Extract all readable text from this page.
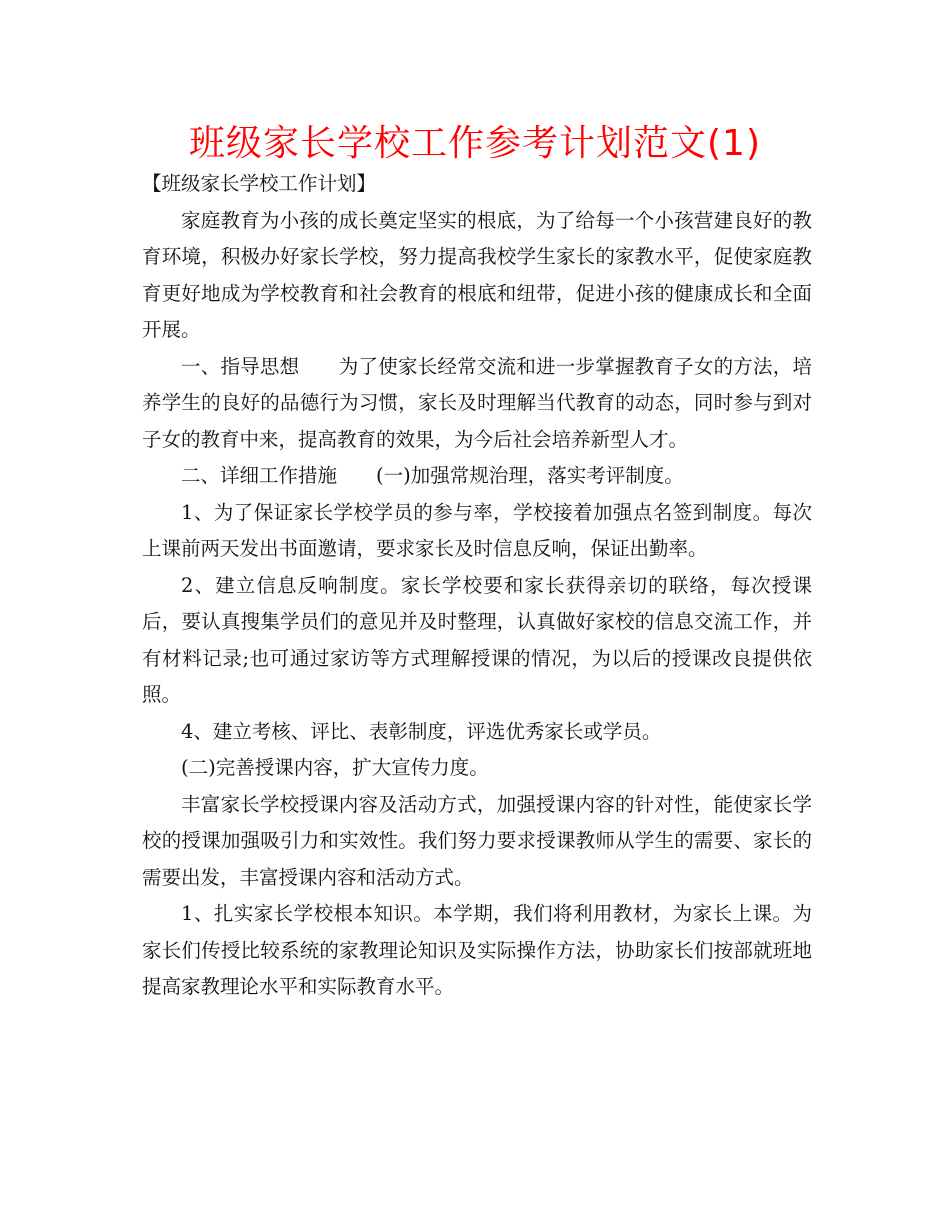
班级家长学校工作参考计划范文(1)

【班级家长学校工作计划】

家庭教育为小孩的成长奠定坚实的根底，为了给每一个小孩营建良好的教育环境，积极办好家长学校，努力提高我校学生家长的家教水平，促使家庭教育更好地成为学校教育和社会教育的根底和纽带，促进小孩的健康成长和全面开展。

一、指导思想　　为了使家长经常交流和进一步掌握教育子女的方法，培养学生的良好的品德行为习惯，家长及时理解当代教育的动态，同时参与到对子女的教育中来，提高教育的效果，为今后社会培养新型人才。

二、详细工作措施　　(一)加强常规治理，落实考评制度。

1、为了保证家长学校学员的参与率，学校接着加强点名签到制度。每次上课前两天发出书面邀请，要求家长及时信息反响，保证出勤率。

2、建立信息反响制度。家长学校要和家长获得亲切的联络，每次授课后，要认真搜集学员们的意见并及时整理，认真做好家校的信息交流工作，并有材料记录;也可通过家访等方式理解授课的情况，为以后的授课改良提供依照。

4、建立考核、评比、表彰制度，评选优秀家长或学员。

(二)完善授课内容，扩大宣传力度。

丰富家长学校授课内容及活动方式，加强授课内容的针对性，能使家长学校的授课加强吸引力和实效性。我们努力要求授课教师从学生的需要、家长的需要出发，丰富授课内容和活动方式。

1、扎实家长学校根本知识。本学期，我们将利用教材，为家长上课。为家长们传授比较系统的家教理论知识及实际操作方法，协助家长们按部就班地提高家教理论水平和实际教育水平。
